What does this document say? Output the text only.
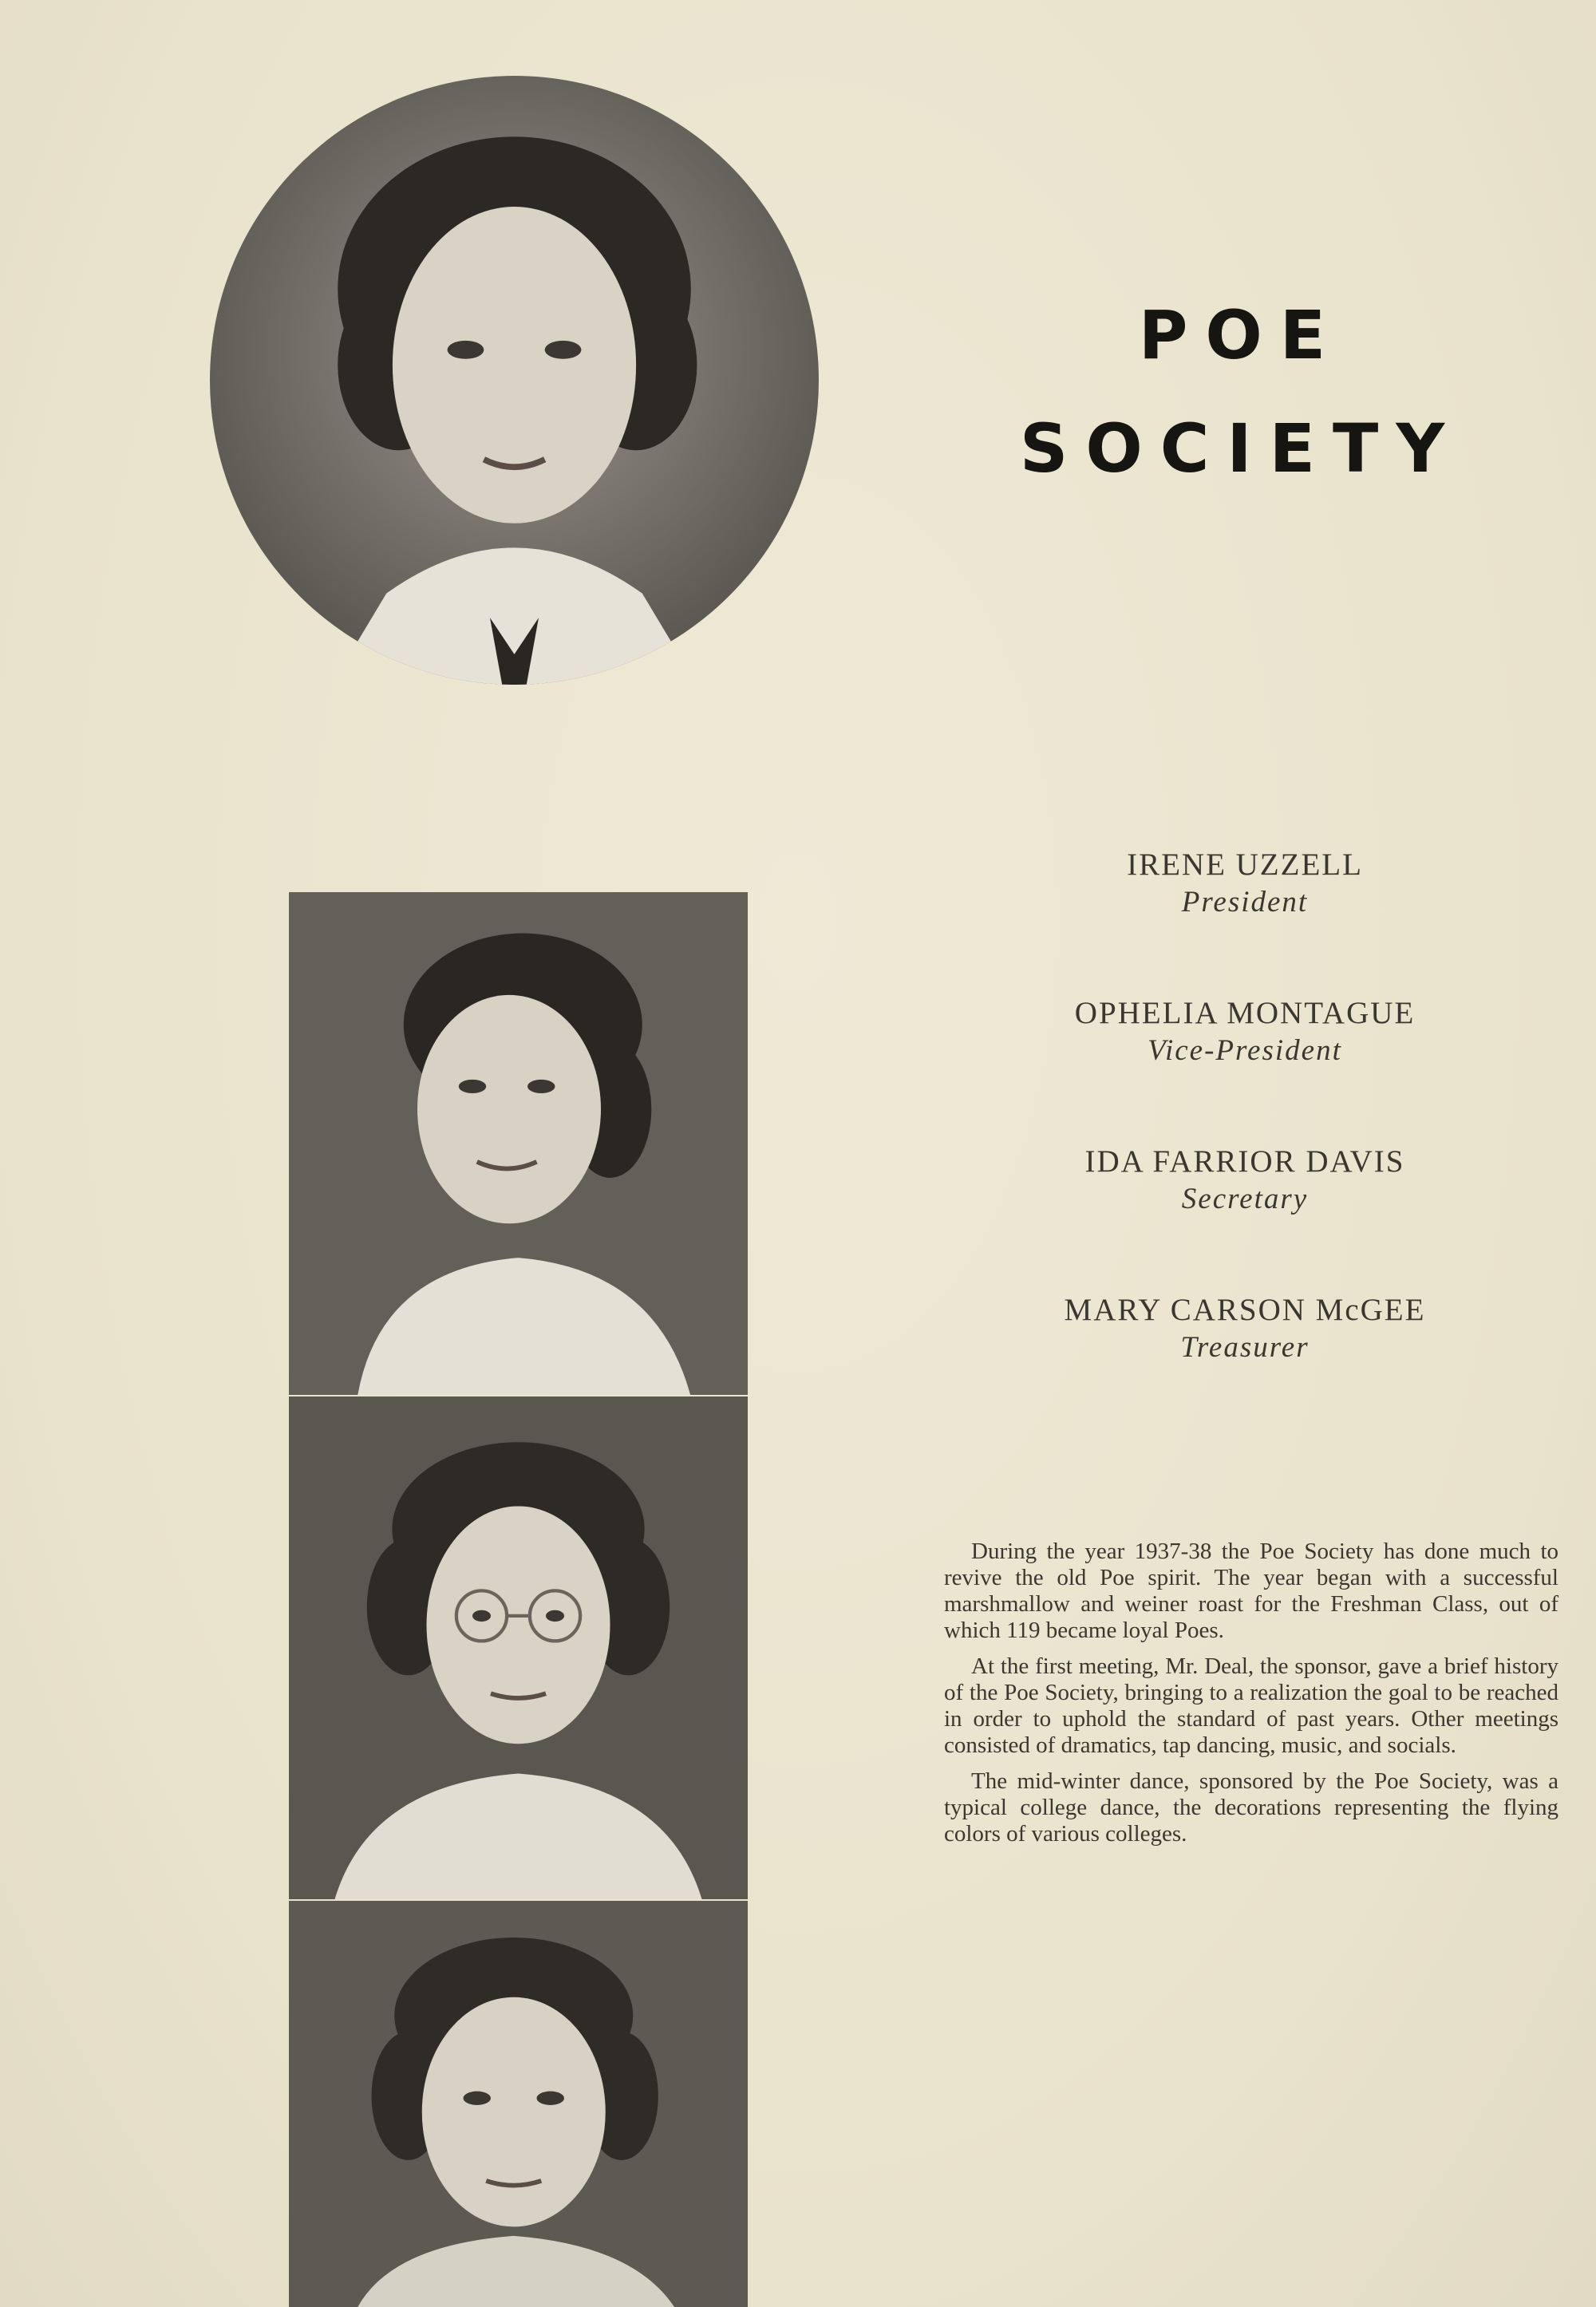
POE
SOCIETY
IRENE UZZELL
President
OPHELIA MONTAGUE
Vice-President
IDA FARRIOR DAVIS
Secretary
MARY CARSON McGEE
Treasurer

During the year 1937-38 the Poe Society has done much to revive the old Poe spirit. The year began with a successful marshmallow and weiner roast for the Freshman Class, out of which 119 became loyal Poes.

At the first meeting, Mr. Deal, the sponsor, gave a brief history of the Poe Society, bringing to a realization the goal to be reached in order to uphold the standard of past years. Other meetings consisted of dramatics, tap dancing, music, and socials.

The mid-winter dance, sponsored by the Poe Society, was a typical college dance, the decorations representing the flying colors of various colleges.
